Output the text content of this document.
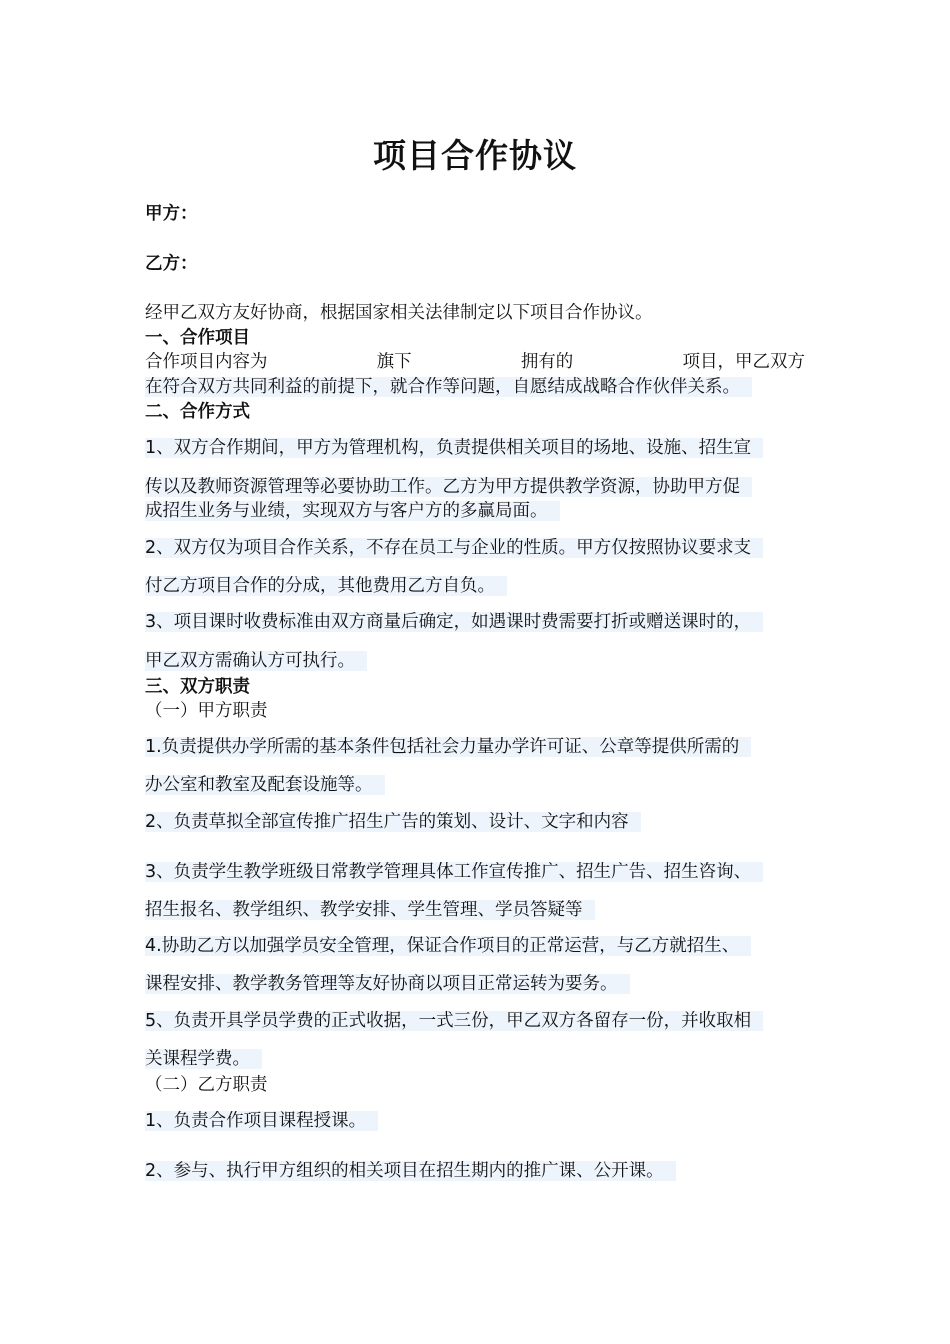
项目合作协议
甲方：
乙方：
经甲乙双方友好协商，根据国家相关法律制定以下项目合作协议。
一、合作项目
合作项目内容为	旗下	拥有的	项目，甲乙双方
在符合双方共同利益的前提下，就合作等问题，自愿结成战略合作伙伴关系。
二、合作方式
1、双方合作期间，甲方为管理机构，负责提供相关项目的场地、设施、招生宣
传以及教师资源管理等必要协助工作。乙方为甲方提供教学资源，协助甲方促
成招生业务与业绩，实现双方与客户方的多赢局面。
2、双方仅为项目合作关系，不存在员工与企业的性质。甲方仅按照协议要求支
付乙方项目合作的分成，其他费用乙方自负。
3、项目课时收费标准由双方商量后确定，如遇课时费需要打折或赠送课时的，
甲乙双方需确认方可执行。
三、双方职责
（一）甲方职责
1.负责提供办学所需的基本条件包括社会力量办学许可证、公章等提供所需的
办公室和教室及配套设施等。
2、负责草拟全部宣传推广招生广告的策划、设计、文字和内容
3、负责学生教学班级日常教学管理具体工作宣传推广、招生广告、招生咨询、
招生报名、教学组织、教学安排、学生管理、学员答疑等
4.协助乙方以加强学员安全管理，保证合作项目的正常运营，与乙方就招生、
课程安排、教学教务管理等友好协商以项目正常运转为要务。
5、负责开具学员学费的正式收据，一式三份，甲乙双方各留存一份，并收取相
关课程学费。
（二）乙方职责
1、负责合作项目课程授课。
2、参与、执行甲方组织的相关项目在招生期内的推广课、公开课。
